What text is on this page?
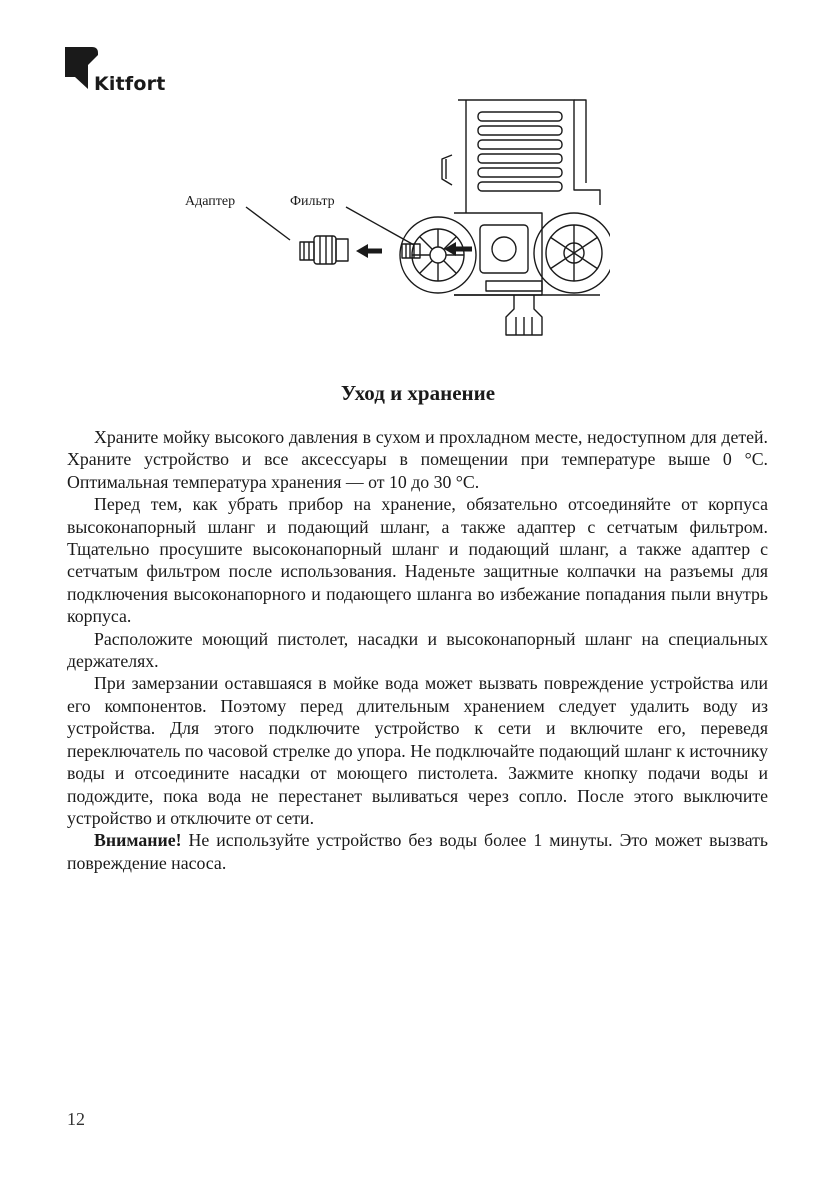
Kitfort
Адаптер	Фильтр
Уход и хранение

Храните мойку высокого давления в сухом и прохладном месте, недоступном для детей. Храните устройство и все аксессуары в помещении при температуре выше 0 °C. Оптимальная температура хранения — от 10 до 30 °C.

Перед тем, как убрать прибор на хранение, обязательно отсоединяйте от корпуса высоконапорный шланг и подающий шланг, а также адаптер с сетчатым фильтром. Тщательно просушите высоконапорный шланг и подающий шланг, а также адаптер с сетчатым фильтром после использования. Наденьте защитные колпачки на разъемы для подключения высоконапорного и подающего шланга во избежание попадания пыли внутрь корпуса.

Расположите моющий пистолет, насадки и высоконапорный шланг на специальных держателях.

При замерзании оставшаяся в мойке вода может вызвать повреждение устройства или его компонентов. Поэтому перед длительным хранением следует удалить воду из устройства. Для этого подключите устройство к сети и включите его, переведя переключатель по часовой стрелке до упора. Не подключайте подающий шланг к источнику воды и отсоедините насадки от моющего пистолета. Зажмите кнопку подачи воды и подождите, пока вода не перестанет выливаться через сопло. После этого выключите устройство и отключите от сети.

Внимание! Не используйте устройство без воды более 1 минуты. Это может вызвать повреждение насоса.

12
